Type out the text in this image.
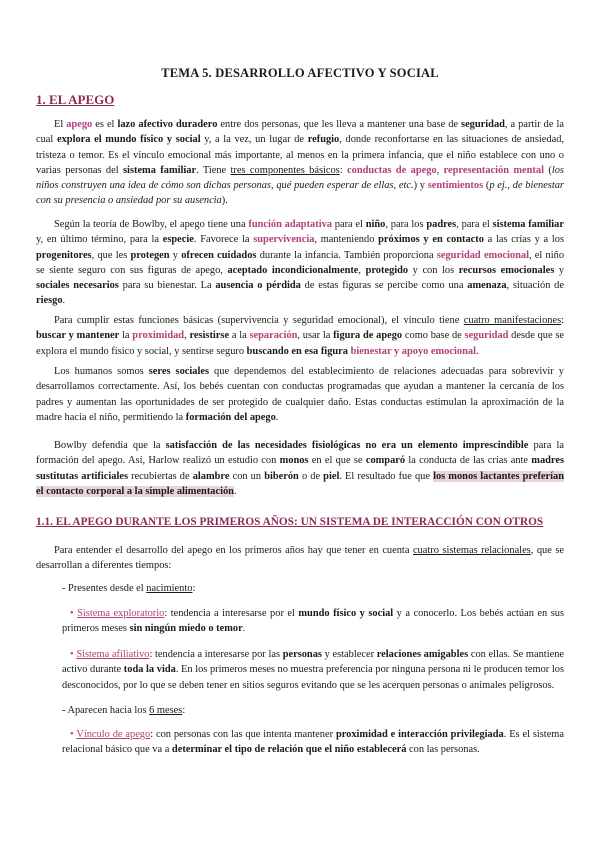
TEMA 5. DESARROLLO AFECTIVO Y SOCIAL
1. EL APEGO
El apego es el lazo afectivo duradero entre dos personas, que les lleva a mantener una base de seguridad, a partir de la cual explora el mundo físico y social y, a la vez, un lugar de refugio, donde reconfortarse en las situaciones de ansiedad, tristeza o temor. Es el vínculo emocional más importante, al menos en la primera infancia, que el niño establece con uno o varias personas del sistema familiar. Tiene tres componentes básicos: conductas de apego, representación mental (los niños construyen una idea de cómo son dichas personas, qué pueden esperar de ellas, etc.) y sentimientos (p ej., de bienestar con su presencia o ansiedad por su ausencia).
Según la teoría de Bowlby, el apego tiene una función adaptativa para el niño, para los padres, para el sistema familiar y, en último término, para la especie. Favorece la supervivencia, manteniendo próximos y en contacto a las crías y a los progenitores, que les protegen y ofrecen cuidados durante la infancia. También proporciona seguridad emocional, el niño se siente seguro con sus figuras de apego, aceptado incondicionalmente, protegido y con los recursos emocionales y sociales necesarios para su bienestar. La ausencia o pérdida de estas figuras se percibe como una amenaza, situación de riesgo.
Para cumplir estas funciones básicas (supervivencia y seguridad emocional), el vínculo tiene cuatro manifestaciones: buscar y mantener la proximidad, resistirse a la separación, usar la figura de apego como base de seguridad desde que se explora el mundo físico y social, y sentirse seguro buscando en esa figura bienestar y apoyo emocional.
Los humanos somos seres sociales que dependemos del establecimiento de relaciones adecuadas para sobrevivir y desarrollamos correctamente. Así, los bebés cuentan con conductas programadas que ayudan a mantener la cercanía de los padres y aumentan las oportunidades de ser protegido de cualquier daño. Estas conductas estimulan la aproximación de la madre hacia el niño, permitiendo la formación del apego.
Bowlby defendía que la satisfacción de las necesidades fisiológicas no era un elemento imprescindible para la formación del apego. Así, Harlow realizó un estudio con monos en el que se comparó la conducta de las crías ante madres sustitutas artificiales recubiertas de alambre con un biberón o de piel. El resultado fue que los monos lactantes preferían el contacto corporal a la simple alimentación.
1.1. EL APEGO DURANTE LOS PRIMEROS AÑOS: UN SISTEMA DE INTERACCIÓN CON OTROS
Para entender el desarrollo del apego en los primeros años hay que tener en cuenta cuatro sistemas relacionales, que se desarrollan a diferentes tiempos:
- Presentes desde el nacimiento:
• Sistema exploratorio: tendencia a interesarse por el mundo físico y social y a conocerlo. Los bebés actúan en sus primeros meses sin ningún miedo o temor.
• Sistema afiliativo: tendencia a interesarse por las personas y establecer relaciones amigables con ellas. Se mantiene activo durante toda la vida. En los primeros meses no muestra preferencia por ninguna persona ni le producen temor los desconocidos, por lo que se deben tener en sitios seguros evitando que se les acerquen personas o animales peligrosos.
- Aparecen hacia los 6 meses:
• Vínculo de apego: con personas con las que intenta mantener proximidad e interacción privilegiada. Es el sistema relacional básico que va a determinar el tipo de relación que el niño establecerá con las personas.
